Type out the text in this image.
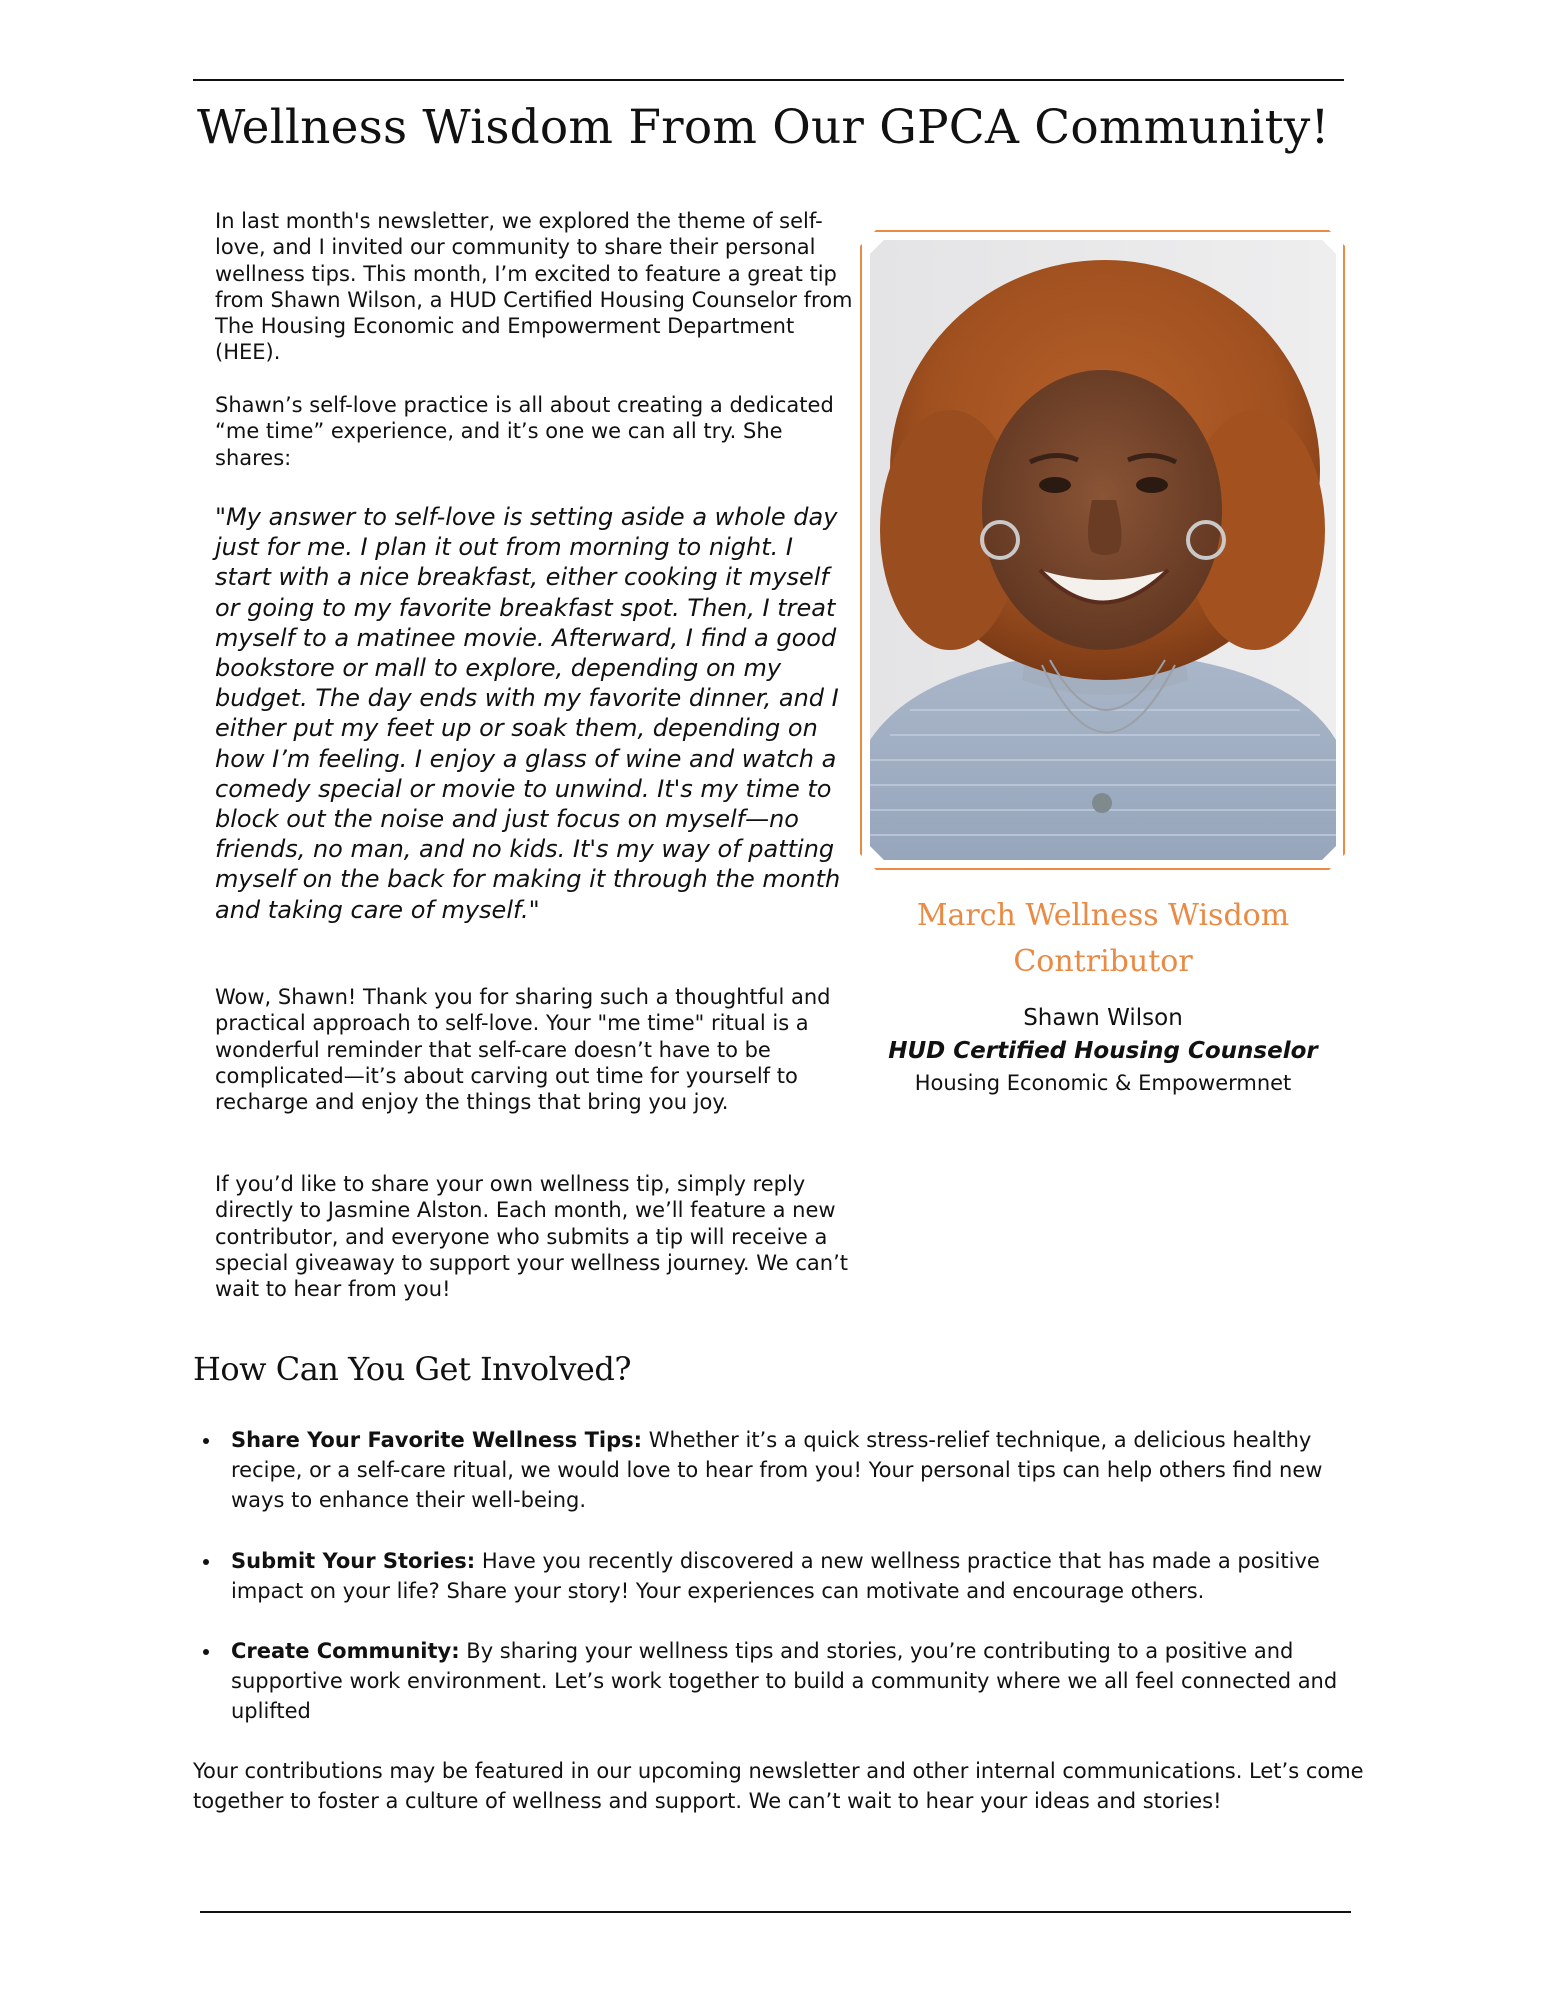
Wellness Wisdom From Our GPCA Community!

In last month's newsletter, we explored the theme of self-love, and I invited our community to share their personal wellness tips. This month, I’m excited to feature a great tip from Shawn Wilson, a HUD Certified Housing Counselor from The Housing Economic and Empowerment Department (HEE).

Shawn’s self-love practice is all about creating a dedicated “me time” experience, and it’s one we can all try. She shares:

"My answer to self-love is setting aside a whole day just for me. I plan it out from morning to night. I start with a nice breakfast, either cooking it myself or going to my favorite breakfast spot. Then, I treat myself to a matinee movie. Afterward, I find a good bookstore or mall to explore, depending on my budget. The day ends with my favorite dinner, and I either put my feet up or soak them, depending on how I’m feeling. I enjoy a glass of wine and watch a comedy special or movie to unwind. It's my time to block out the noise and just focus on myself—no friends, no man, and no kids. It's my way of patting myself on the back for making it through the month and taking care of myself."

Wow, Shawn! Thank you for sharing such a thoughtful and practical approach to self-love. Your "me time" ritual is a wonderful reminder that self-care doesn’t have to be complicated—it’s about carving out time for yourself to recharge and enjoy the things that bring you joy.

If you’d like to share your own wellness tip, simply reply directly to Jasmine Alston. Each month, we’ll feature a new contributor, and everyone who submits a tip will receive a special giveaway to support your wellness journey. We can’t wait to hear from you!

March Wellness Wisdom Contributor
Shawn Wilson
HUD Certified Housing Counselor
Housing Economic & Empowermnet
How Can You Get Involved?
Share Your Favorite Wellness Tips: Whether it’s a quick stress-relief technique, a delicious healthy recipe, or a self-care ritual, we would love to hear from you! Your personal tips can help others find new ways to enhance their well-being.
Submit Your Stories: Have you recently discovered a new wellness practice that has made a positive impact on your life? Share your story! Your experiences can motivate and encourage others.
Create Community: By sharing your wellness tips and stories, you’re contributing to a positive and supportive work environment. Let’s work together to build a community where we all feel connected and uplifted

Your contributions may be featured in our upcoming newsletter and other internal communications. Let’s come together to foster a culture of wellness and support. We can’t wait to hear your ideas and stories!
